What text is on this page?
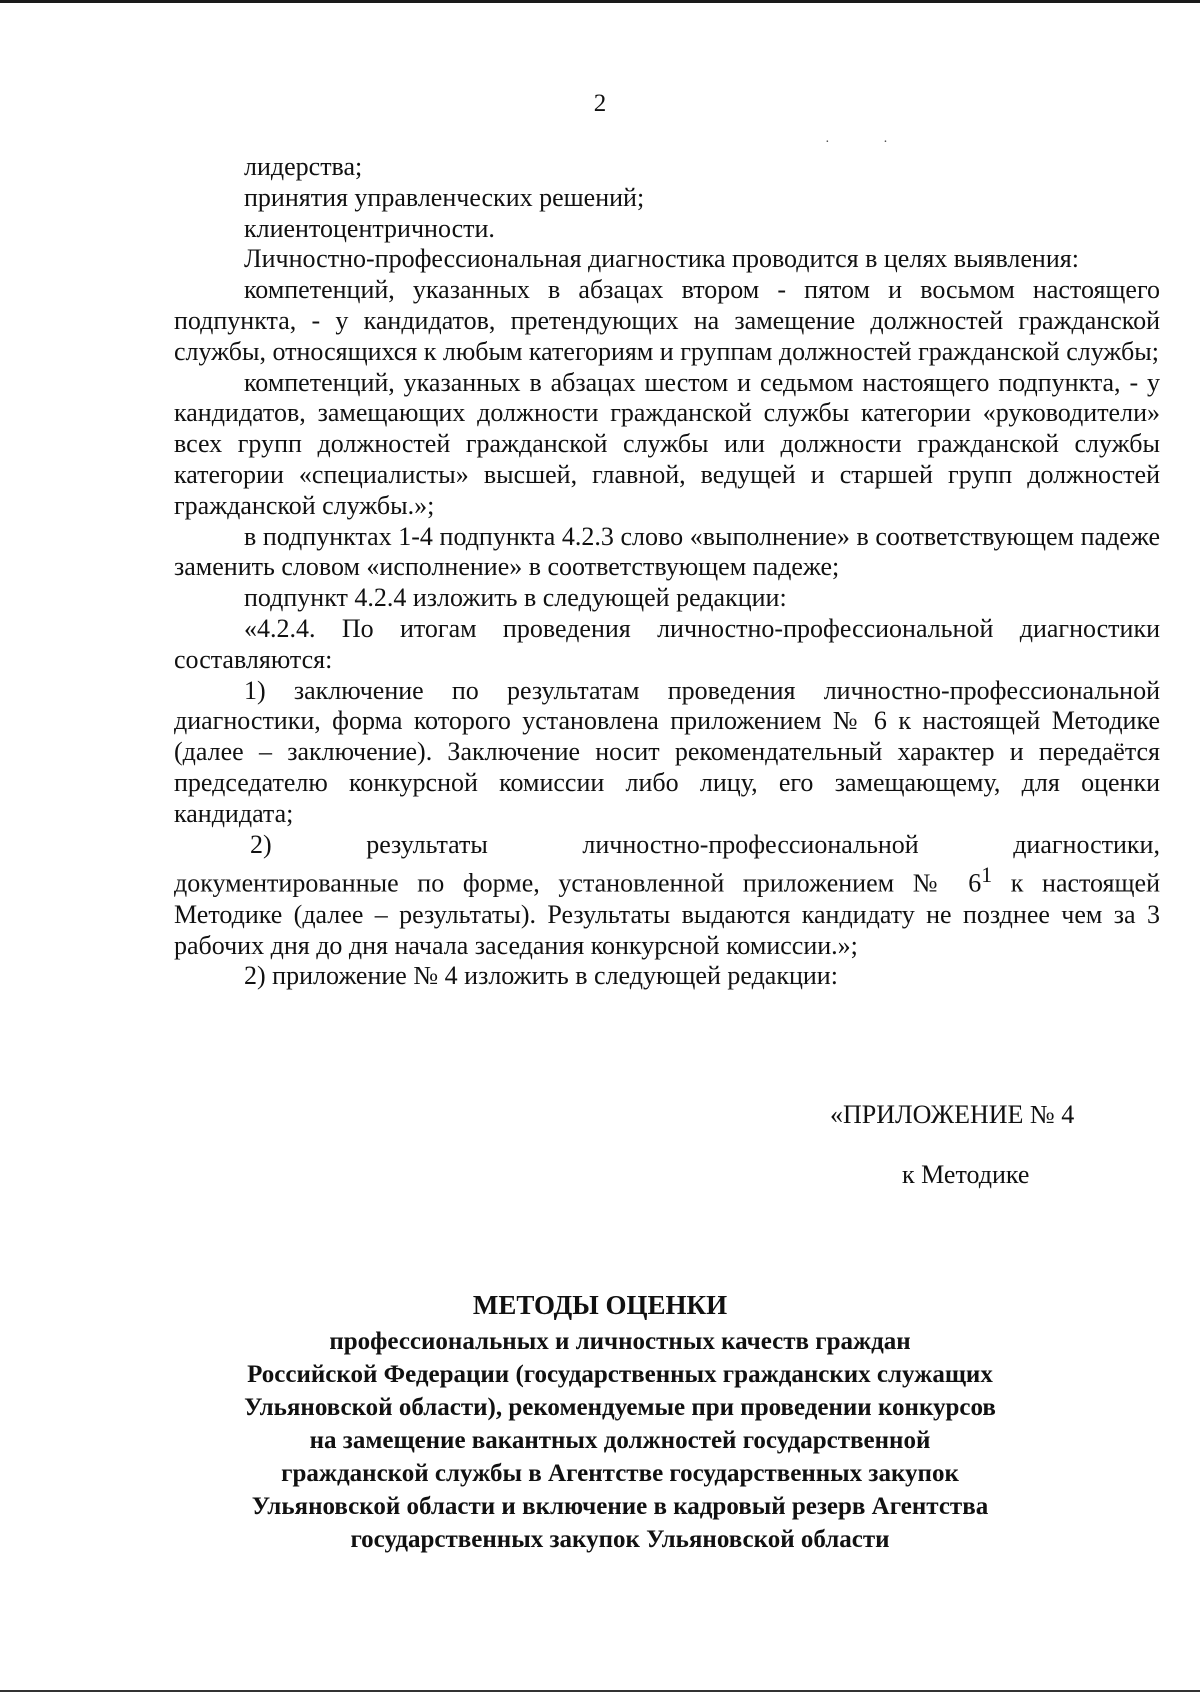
2
· ·

лидерства;

принятия управленческих решений;

клиентоцентричности.

Личностно-профессиональная диагностика проводится в целях выявления:

компетенций, указанных в абзацах втором - пятом и восьмом настоящего подпункта, - у кандидатов, претендующих на замещение должностей гражданской службы, относящихся к любым категориям и группам должностей гражданской службы;

компетенций, указанных в абзацах шестом и седьмом настоящего подпункта, - у кандидатов, замещающих должности гражданской службы категории «руководители» всех групп должностей гражданской службы или должности гражданской службы категории «специалисты» высшей, главной, ведущей и старшей групп должностей гражданской службы.»;

в подпунктах 1-4 подпункта 4.2.3 слово «выполнение» в соответствующем падеже заменить словом «исполнение» в соответствующем падеже;

подпункт 4.2.4 изложить в следующей редакции:

«4.2.4. По итогам проведения личностно-профессиональной диагностики составляются:

1) заключение по результатам проведения личностно-профессиональной диагностики, форма которого установлена приложением № 6 к настоящей Методике (далее – заключение). Заключение носит рекомендательный характер и передаётся председателю конкурсной комиссии либо лицу, его замещающему, для оценки кандидата;

2)	результаты	личностно-профессиональной	диагностики,

документированные по форме, установленной приложением № $6^1$ к настоящей Методике (далее – результаты). Результаты выдаются кандидату не позднее чем за 3 рабочих дня до дня начала заседания конкурсной комиссии.»;

2) приложение № 4 изложить в следующей редакции:

«ПРИЛОЖЕНИЕ № 4
к Методике
МЕТОДЫ ОЦЕНКИ
профессиональных и личностных качеств граждан
Российской Федерации (государственных гражданских служащих
Ульяновской области), рекомендуемые при проведении конкурсов
на замещение вакантных должностей государственной
гражданской службы в Агентстве государственных закупок
Ульяновской области и включение в кадровый резерв Агентства
государственных закупок Ульяновской области
